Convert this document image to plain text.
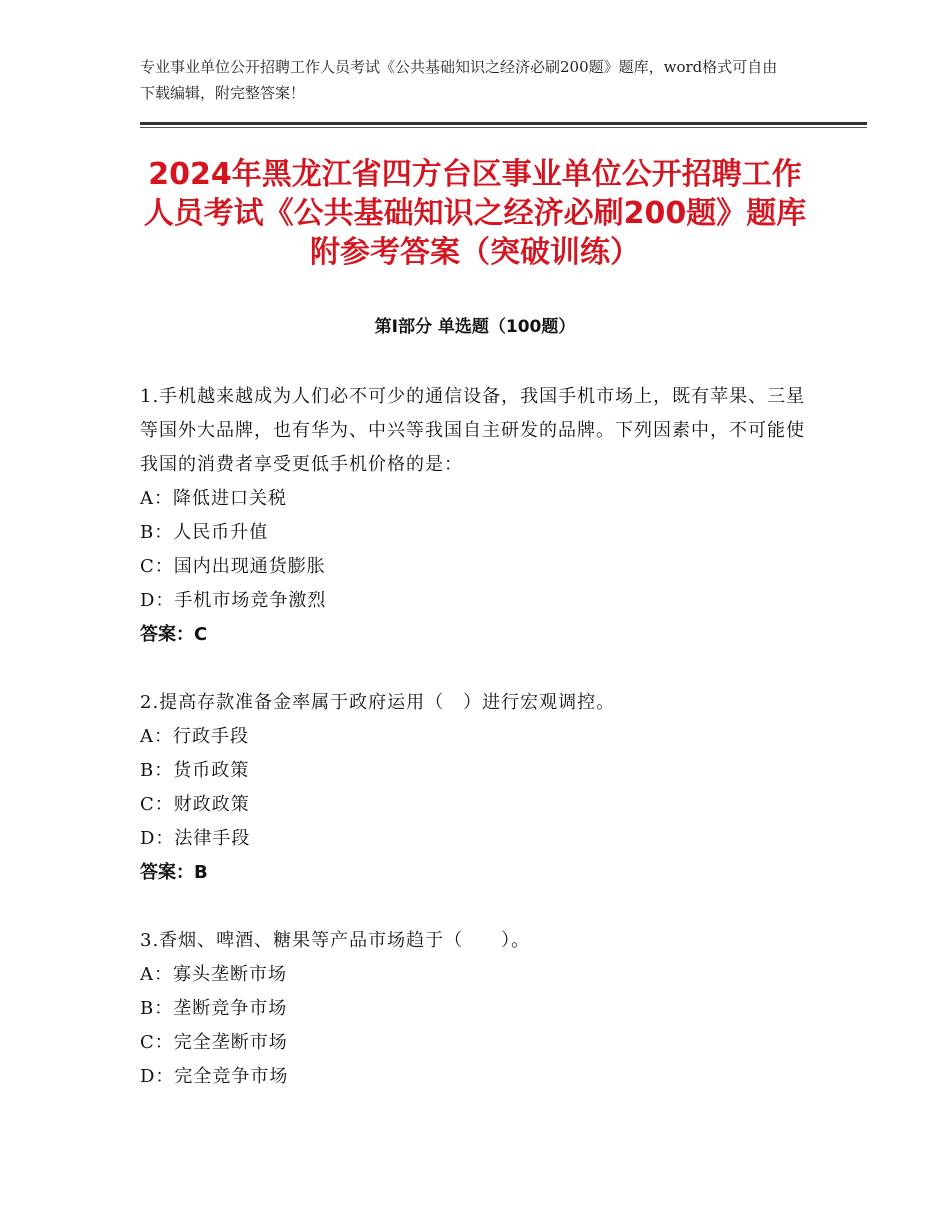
专业事业单位公开招聘工作人员考试《公共基础知识之经济必刷200题》题库，word格式可自由下载编辑，附完整答案！
2024年黑龙江省四方台区事业单位公开招聘工作人员考试《公共基础知识之经济必刷200题》题库附参考答案（突破训练）
第Ⅰ部分 单选题（100题）
1.手机越来越成为人们必不可少的通信设备，我国手机市场上，既有苹果、三星等国外大品牌，也有华为、中兴等我国自主研发的品牌。下列因素中，不可能使我国的消费者享受更低手机价格的是：
A：降低进口关税
B：人民币升值
C：国内出现通货膨胀
D：手机市场竞争激烈
答案：C
2.提高存款准备金率属于政府运用（　）进行宏观调控。
A：行政手段
B：货币政策
C：财政政策
D：法律手段
答案：B
3.香烟、啤酒、糖果等产品市场趋于（　　）。
A：寡头垄断市场
B：垄断竞争市场
C：完全垄断市场
D：完全竞争市场
